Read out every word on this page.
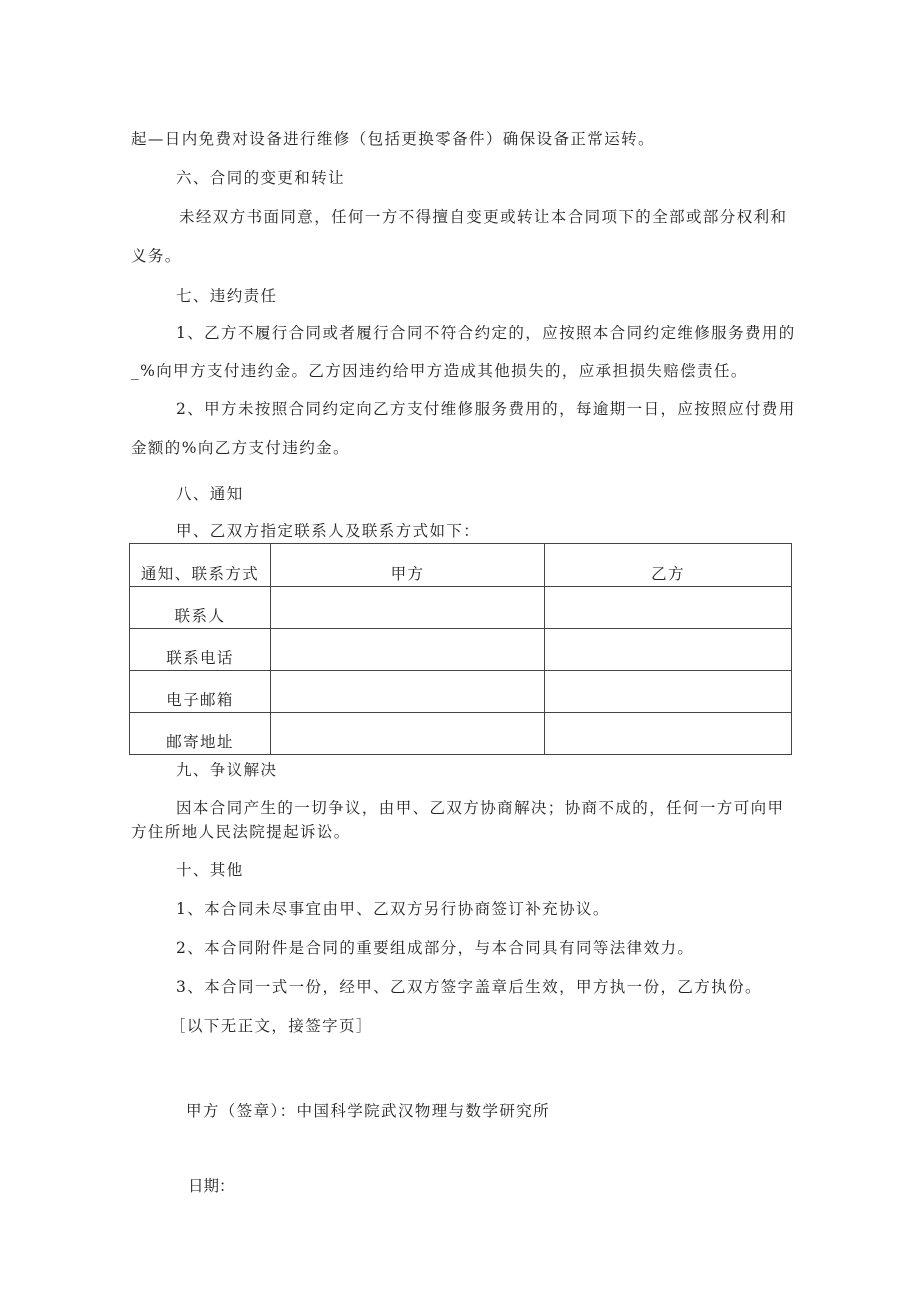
起—日内免费对设备进行维修（包括更换零备件）确保设备正常运转。

六、合同的变更和转让

未经双方书面同意，任何一方不得擅自变更或转让本合同项下的全部或部分权利和

义务。

七、违约责任

1、乙方不履行合同或者履行合同不符合约定的，应按照本合同约定维修服务费用的

_%向甲方支付违约金。乙方因违约给甲方造成其他损失的，应承担损失赔偿责任。

2、甲方未按照合同约定向乙方支付维修服务费用的，每逾期一日，应按照应付费用

金额的%向乙方支付违约金。

八、通知

甲、乙双方指定联系人及联系方式如下：

通知、联系方式	甲方	乙方
联系人		
联系电话		
电子邮箱		
邮寄地址		

九、争议解决

因本合同产生的一切争议，由甲、乙双方协商解决；协商不成的，任何一方可向甲

方住所地人民法院提起诉讼。

十、其他

1、本合同未尽事宜由甲、乙双方另行协商签订补充协议。

2、本合同附件是合同的重要组成部分，与本合同具有同等法律效力。

3、本合同一式一份，经甲、乙双方签字盖章后生效，甲方执一份，乙方执份。

［以下无正文，接签字页］

甲方（签章）：中国科学院武汉物理与数学研究所

日期：
